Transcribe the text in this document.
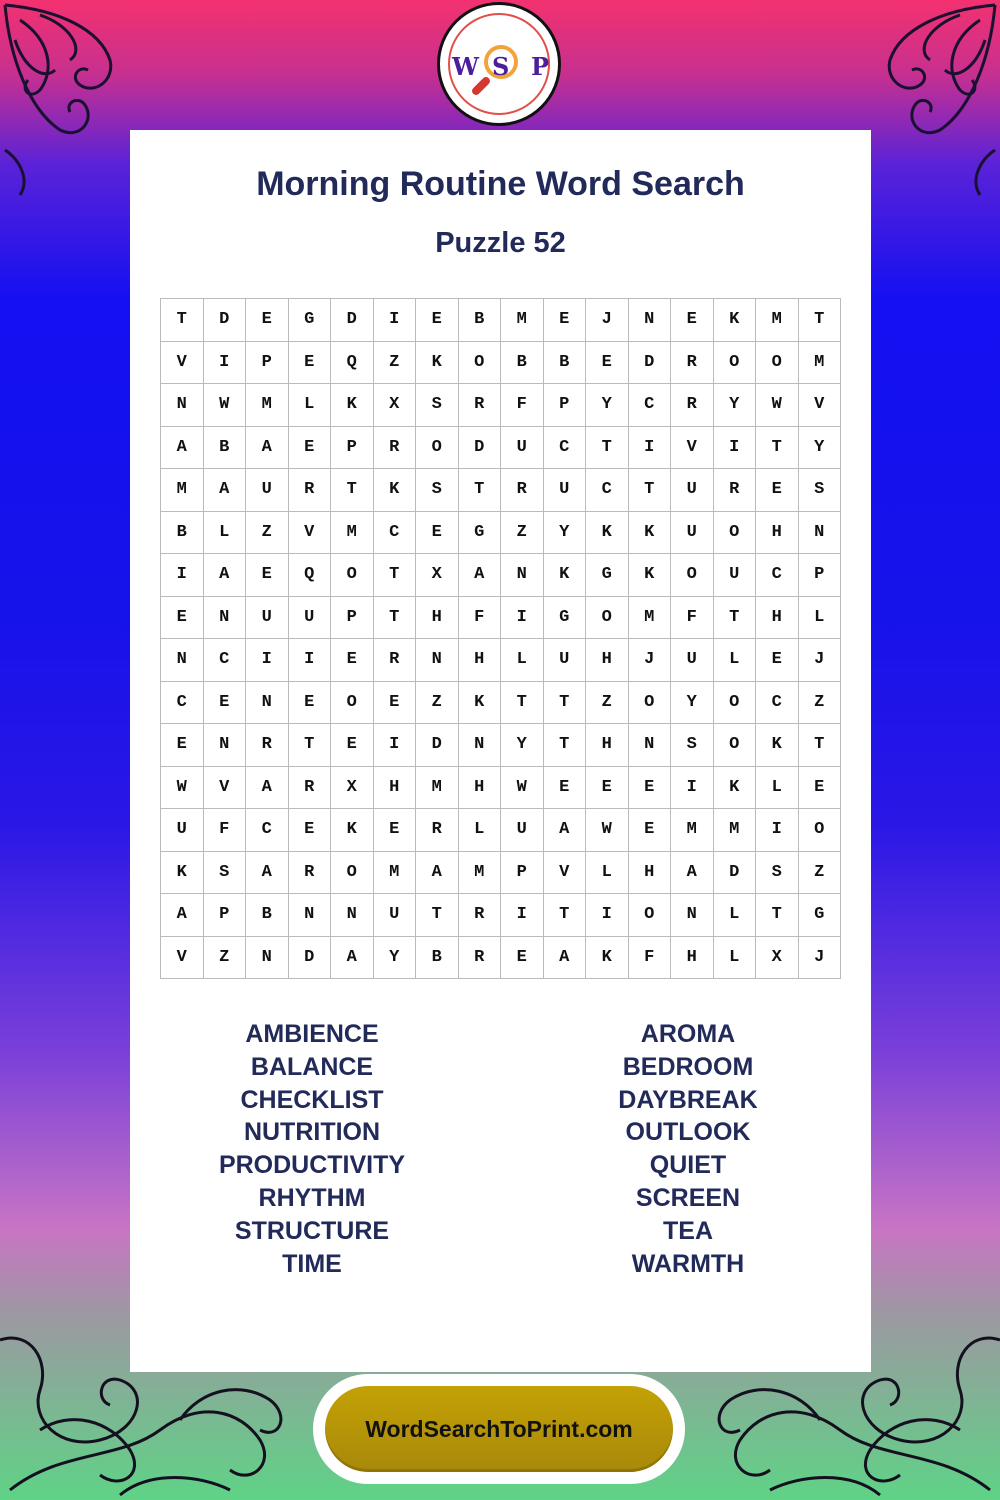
W S P
Morning Routine Word Search
Puzzle 52
T	D	E	G	D	I	E	B	M	E	J	N	E	K	M	T
V	I	P	E	Q	Z	K	O	B	B	E	D	R	O	O	M
N	W	M	L	K	X	S	R	F	P	Y	C	R	Y	W	V
A	B	A	E	P	R	O	D	U	C	T	I	V	I	T	Y
M	A	U	R	T	K	S	T	R	U	C	T	U	R	E	S
B	L	Z	V	M	C	E	G	Z	Y	K	K	U	O	H	N
I	A	E	Q	O	T	X	A	N	K	G	K	O	U	C	P
E	N	U	U	P	T	H	F	I	G	O	M	F	T	H	L
N	C	I	I	E	R	N	H	L	U	H	J	U	L	E	J
C	E	N	E	O	E	Z	K	T	T	Z	O	Y	O	C	Z
E	N	R	T	E	I	D	N	Y	T	H	N	S	O	K	T
W	V	A	R	X	H	M	H	W	E	E	E	I	K	L	E
U	F	C	E	K	E	R	L	U	A	W	E	M	M	I	O
K	S	A	R	O	M	A	M	P	V	L	H	A	D	S	Z
A	P	B	N	N	U	T	R	I	T	I	O	N	L	T	G
V	Z	N	D	A	Y	B	R	E	A	K	F	H	L	X	J
AMBIENCE
BALANCE
CHECKLIST
NUTRITION
PRODUCTIVITY
RHYTHM
STRUCTURE
TIME
AROMA
BEDROOM
DAYBREAK
OUTLOOK
QUIET
SCREEN
TEA
WARMTH
WordSearchToPrint.com
